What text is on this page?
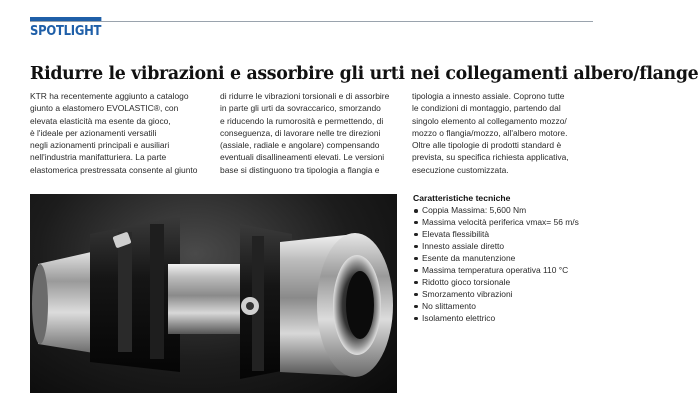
SPOTLIGHT
Ridurre le vibrazioni e assorbire gli urti nei collegamenti albero/flange

KTR ha recentemente aggiunto a catalogo

giunto a elastomero EVOLASTIC®, con

elevata elasticità ma esente da gioco,

è l'ideale per azionamenti versatili

negli azionamenti principali e ausiliari

nell'industria manifatturiera. La parte

elastomerica prestressata consente al giunto

di ridurre le vibrazioni torsionali e di assorbire

in parte gli urti da sovraccarico, smorzando

e riducendo la rumorosità e permettendo, di

conseguenza, di lavorare nelle tre direzioni

(assiale, radiale e angolare) compensando

eventuali disallineamenti elevati. Le versioni

base si distinguono tra tipologia a flangia e

tipologia a innesto assiale. Coprono tutte

le condizioni di montaggio, partendo dal

singolo elemento al collegamento mozzo/

mozzo o flangia/mozzo, all'albero motore.

Oltre alle tipologie di prodotti standard è

prevista, su specifica richiesta applicativa,

esecuzione customizzata.

Caratteristiche tecniche
Coppia Massima: 5,600 Nm
Massima velocità periferica vmax= 56 m/s
Elevata flessibilità
Innesto assiale diretto
Esente da manutenzione
Massima temperatura operativa 110 °C
Ridotto gioco torsionale
Smorzamento vibrazioni
No slittamento
Isolamento elettrico
